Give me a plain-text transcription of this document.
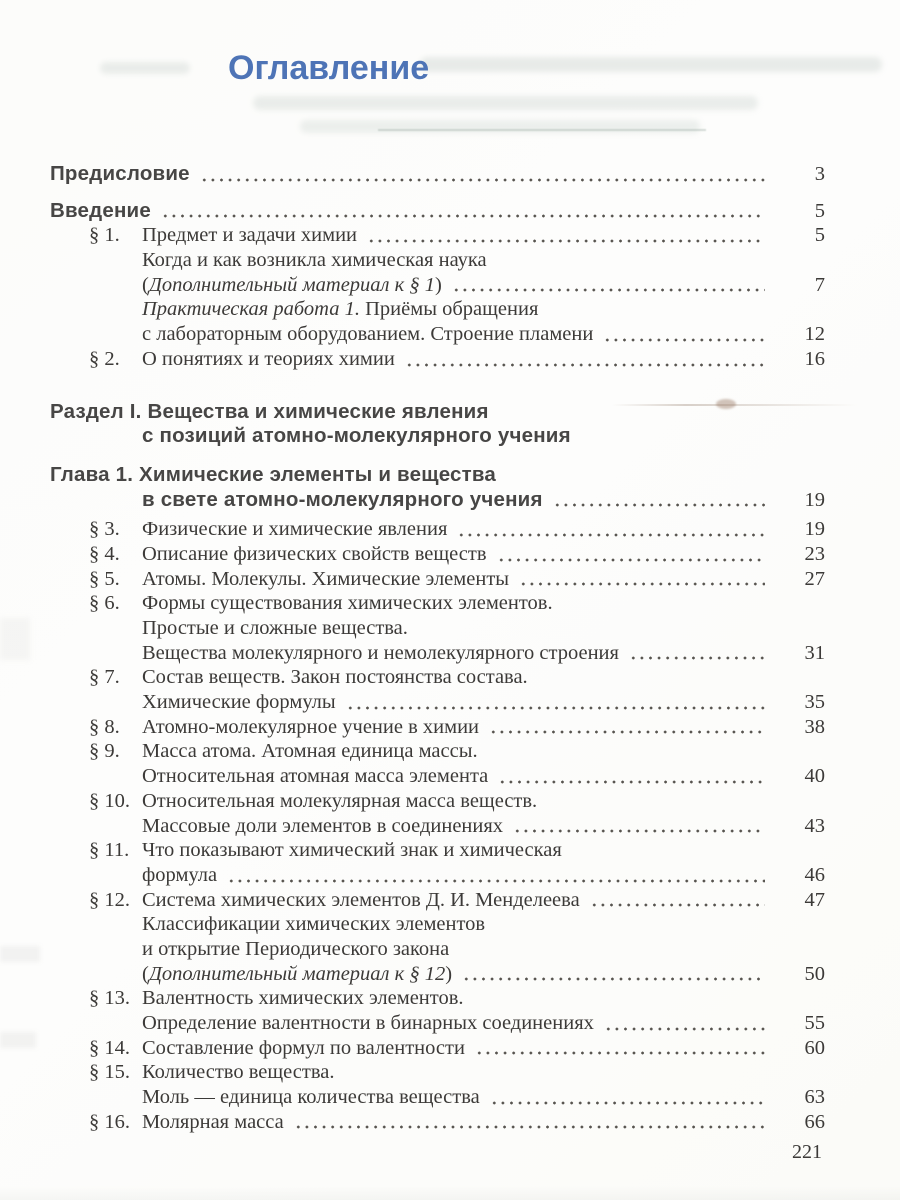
Оглавление
Предисловие	3
Введение	5
§ 1.	Предмет и задачи химии	5
Когда и как возникла химическая наука
(Дополнительный материал к § 1)	7
Практическая работа 1. Приёмы обращения
с лабораторным оборудованием. Строение пламени	12
§ 2.	О понятиях и теориях химии	16
Раздел I. Вещества и химические явления
с позиций атомно-молекулярного учения
Глава 1. Химические элементы и вещества
в свете атомно-молекулярного учения	19
§ 3.	Физические и химические явления	19
§ 4.	Описание физических свойств веществ	23
§ 5.	Атомы. Молекулы. Химические элементы	27
§ 6.	Формы существования химических элементов.
Простые и сложные вещества.
Вещества молекулярного и немолекулярного строения	31
§ 7.	Состав веществ. Закон постоянства состава.
Химические формулы	35
§ 8.	Атомно-молекулярное учение в химии	38
§ 9.	Масса атома. Атомная единица массы.
Относительная атомная масса элемента	40
§ 10. Относительная молекулярная масса веществ.
Массовые доли элементов в соединениях	43
§ 11. Что показывают химический знак и химическая
формула	46
§ 12. Система химических элементов Д. И. Менделеева	47
Классификации химических элементов
и открытие Периодического закона
(Дополнительный материал к § 12)	50
§ 13. Валентность химических элементов.
Определение валентности в бинарных соединениях	55
§ 14. Составление формул по валентности	60
§ 15. Количество вещества.
Моль — единица количества вещества	63
§ 16. Молярная масса	66
221
